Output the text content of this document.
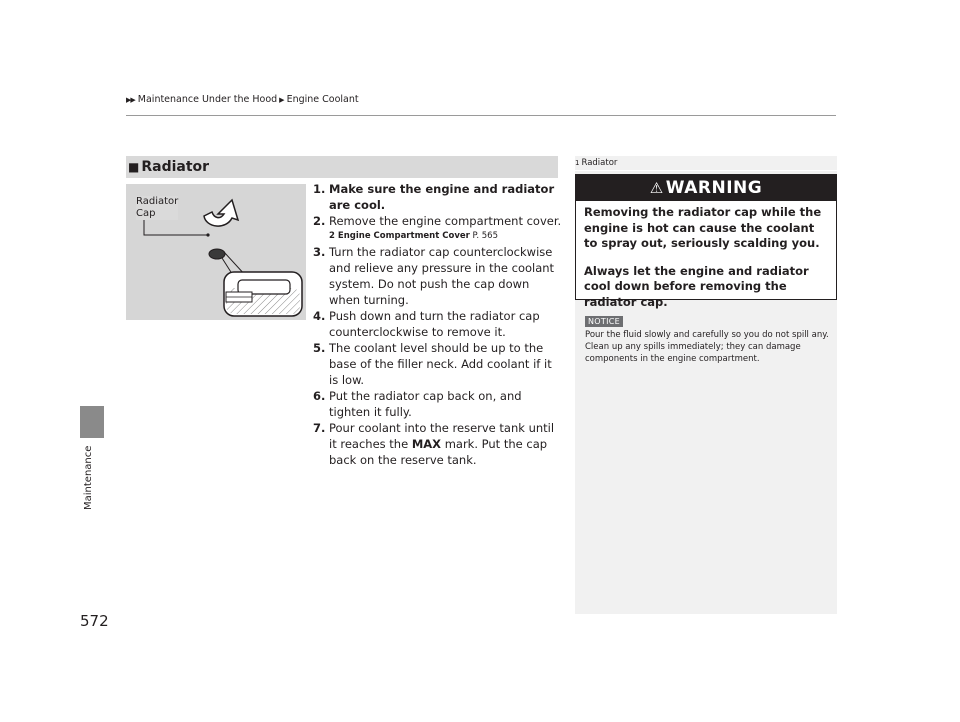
▶▶ Maintenance Under the Hood ▶ Engine Coolant
Maintenance
■ Radiator
Radiator
Cap
1. Make sure the engine and radiator are cool.
2. Remove the engine compartment cover.
2 Engine Compartment Cover P. 565
3. Turn the radiator cap counterclockwise and relieve any pressure in the coolant system. Do not push the cap down when turning.
4. Push down and turn the radiator cap counterclockwise to remove it.
5. The coolant level should be up to the base of the filler neck. Add coolant if it is low.
6. Put the radiator cap back on, and tighten it fully.
7. Pour coolant into the reserve tank until it reaches the MAX mark. Put the cap back on the reserve tank.
1 Radiator
⚠ WARNING

Removing the radiator cap while the engine is hot can cause the coolant to spray out, seriously scalding you.

Always let the engine and radiator cool down before removing the radiator cap.

NOTICE
Pour the fluid slowly and carefully so you do not spill any. Clean up any spills immediately; they can damage components in the engine compartment.
572
